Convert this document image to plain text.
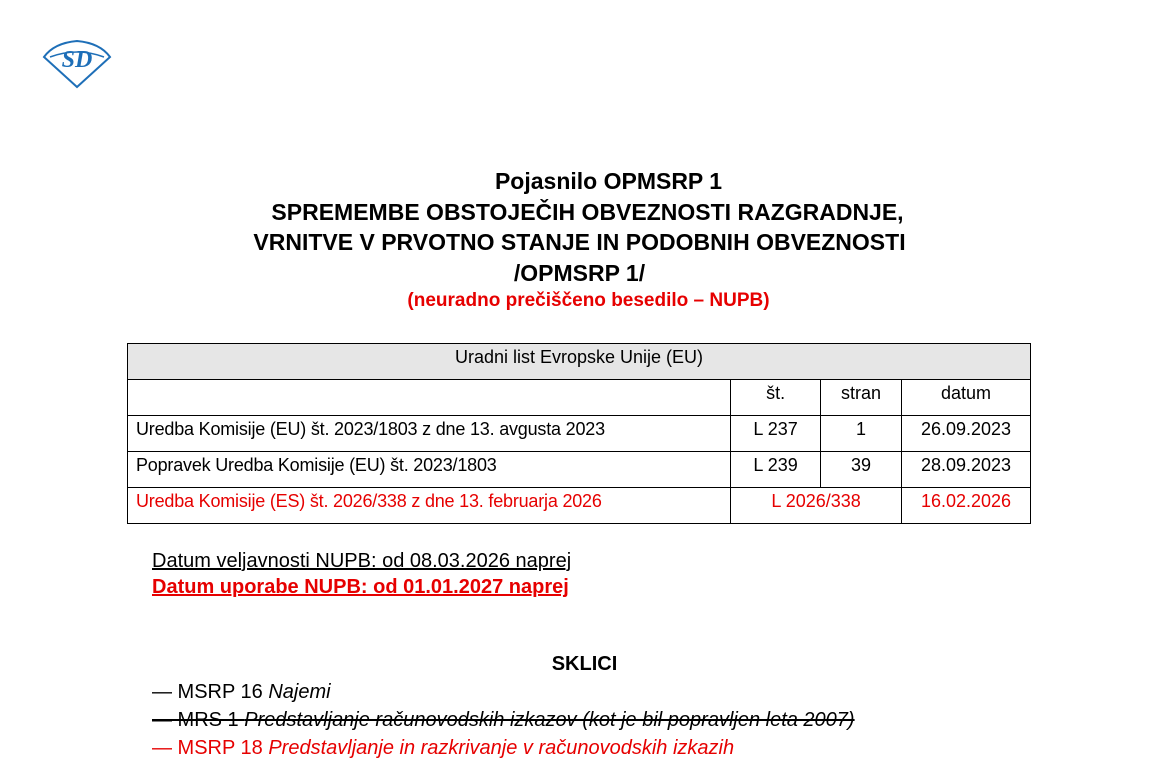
SD
Pojasnilo OPMSRP 1
SPREMEMBE OBSTOJEČIH OBVEZNOSTI RAZGRADNJE,
VRNITVE V PRVOTNO STANJE IN PODOBNIH OBVEZNOSTI
/OPMSRP 1/
(neuradno prečiščeno besedilo – NUPB)
Uradni list Evropske Unije (EU)			
	št.	stran	datum
Uredba Komisije (EU) št. 2023/1803 z dne 13. avgusta 2023	L 237	1	26.09.2023
Popravek Uredba Komisije (EU) št. 2023/1803	L 239	39	28.09.2023
Uredba Komisije (ES) št. 2026/338 z dne 13. februarja 2026	L 2026/338		16.02.2026
Datum veljavnosti NUPB: od 08.03.2026 naprej
Datum uporabe NUPB: od 01.01.2027 naprej
SKLICI
— MSRP 16 Najemi
— MRS 1 Predstavljanje računovodskih izkazov (kot je bil popravljen leta 2007)
— MSRP 18 Predstavljanje in razkrivanje v računovodskih izkazih
